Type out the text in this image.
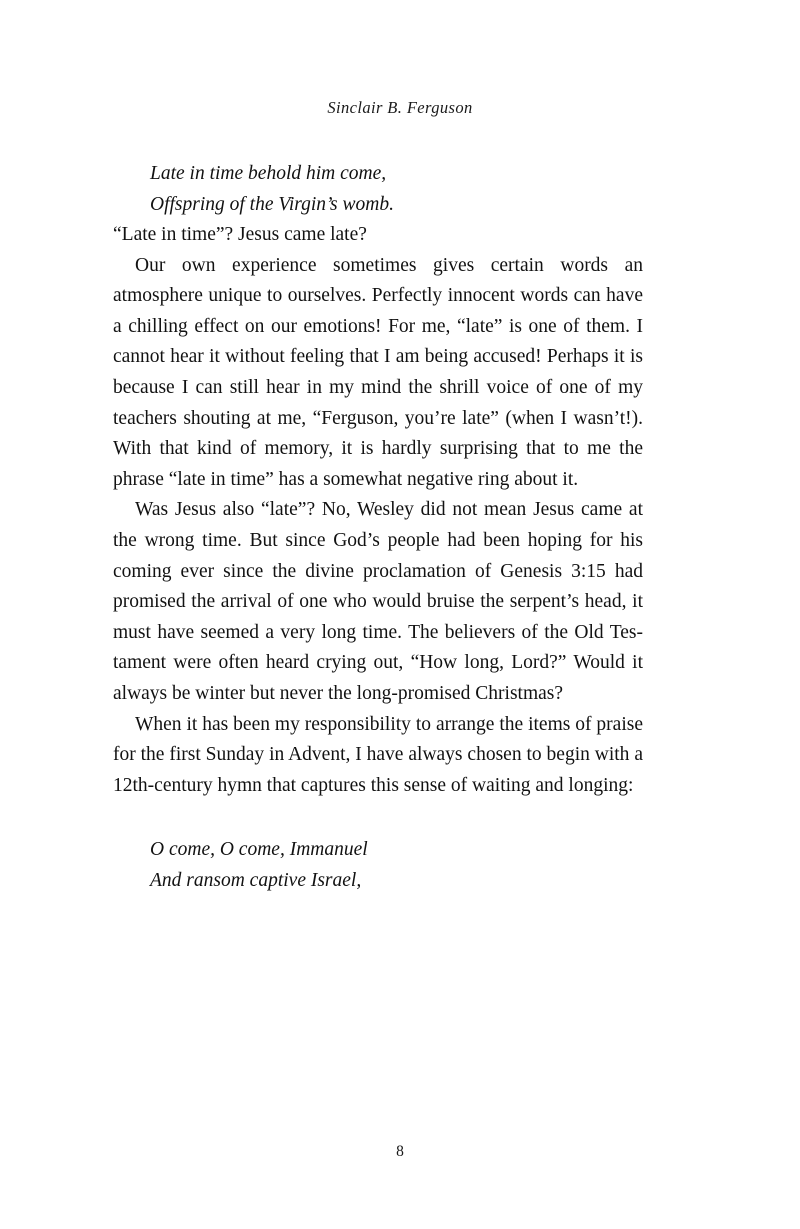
Sinclair B. Ferguson
Late in time behold him come,
Offspring of the Virgin’s womb.

“Late in time”? Jesus came late?

Our own experience sometimes gives certain words an atmosphere unique to ourselves. Perfectly innocent words can have a chilling effect on our emotions! For me, “late” is one of them. I cannot hear it without feeling that I am being accused! Perhaps it is because I can still hear in my mind the shrill voice of one of my teachers shouting at me, “Ferguson, you’re late” (when I wasn’t!). With that kind of memory, it is hardly surprising that to me the phrase “late in time” has a somewhat negative ring about it.

Was Jesus also “late”? No, Wesley did not mean Jesus came at the wrong time. But since God’s people had been hoping for his coming ever since the divine proclamation of Genesis 3:15 had promised the arrival of one who would bruise the serpent’s head, it must have seemed a very long time. The believers of the Old Testament were often heard crying out, “How long, Lord?” Would it always be winter but never the long-promised Christmas?

When it has been my responsibility to arrange the items of praise for the first Sunday in Advent, I have always chosen to begin with a 12th-century hymn that captures this sense of waiting and longing:

O come, O come, Immanuel
And ransom captive Israel,
8
